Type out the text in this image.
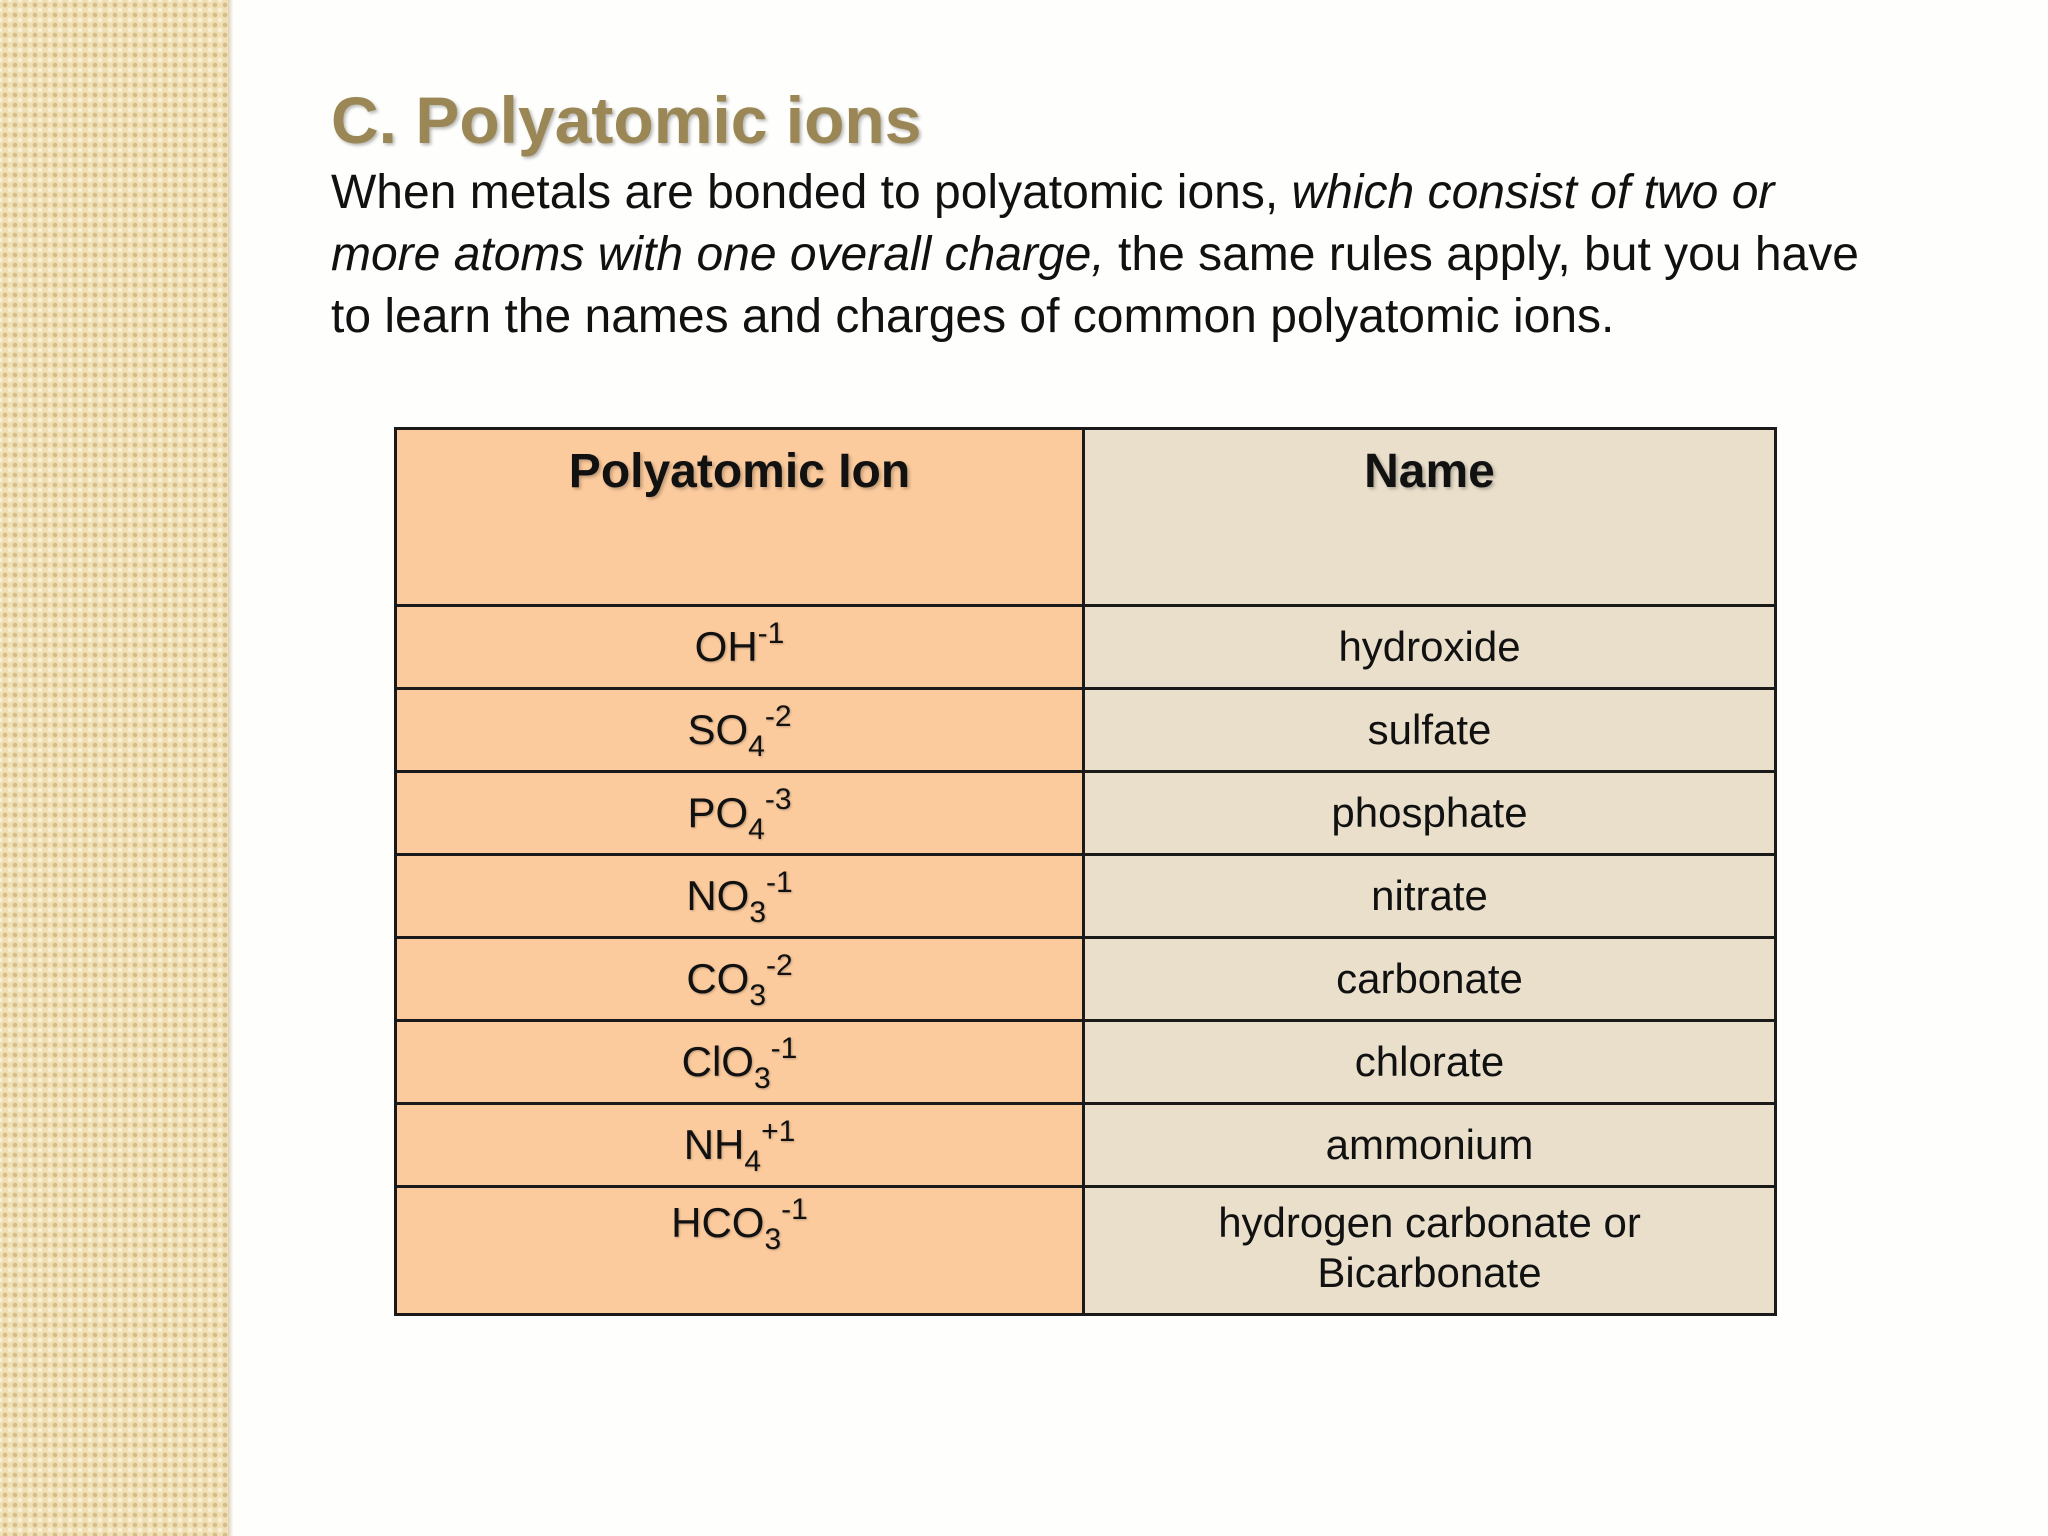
C. Polyatomic ions

When metals are bonded to polyatomic ions, which consist of two or more atoms with one overall charge, the same rules apply, but you have to learn the names and charges of common polyatomic ions.

Polyatomic Ion	Name
$OH^{-1}$	hydroxide
$SO_4^{-2}$	sulfate
$PO_4^{-3}$	phosphate
$NO_3^{-1}$	nitrate
$CO_3^{-2}$	carbonate
ClO$_3^{-1}$	chlorate
$NH_4^{+1}$	ammonium
$HCO_3^{-1}$	hydrogen carbonate or
Bicarbonate
